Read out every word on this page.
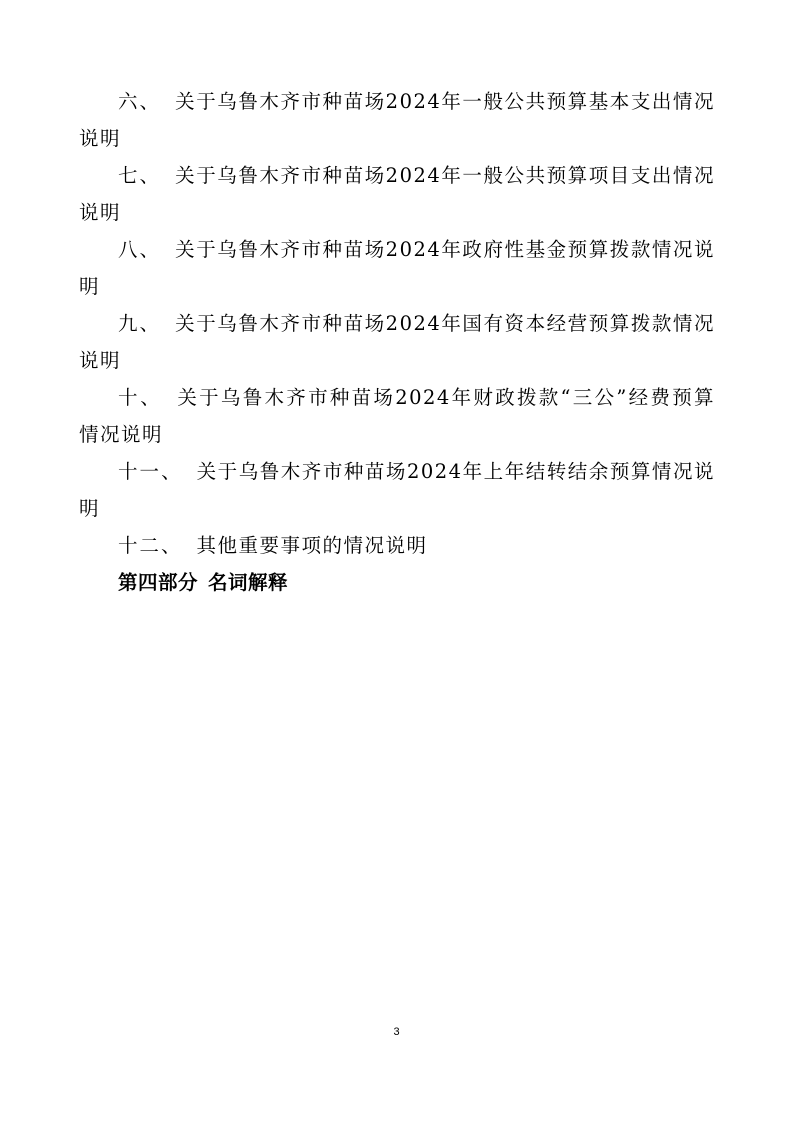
六、 关于乌鲁木齐市种苗场2024年一般公共预算基本支出情况说明

七、 关于乌鲁木齐市种苗场2024年一般公共预算项目支出情况说明

八、 关于乌鲁木齐市种苗场2024年政府性基金预算拨款情况说明

九、 关于乌鲁木齐市种苗场2024年国有资本经营预算拨款情况说明

十、 关于乌鲁木齐市种苗场2024年财政拨款“三公”经费预算情况说明

十一、 关于乌鲁木齐市种苗场2024年上年结转结余预算情况说明

十二、 其他重要事项的情况说明

第四部分 名词解释

3
